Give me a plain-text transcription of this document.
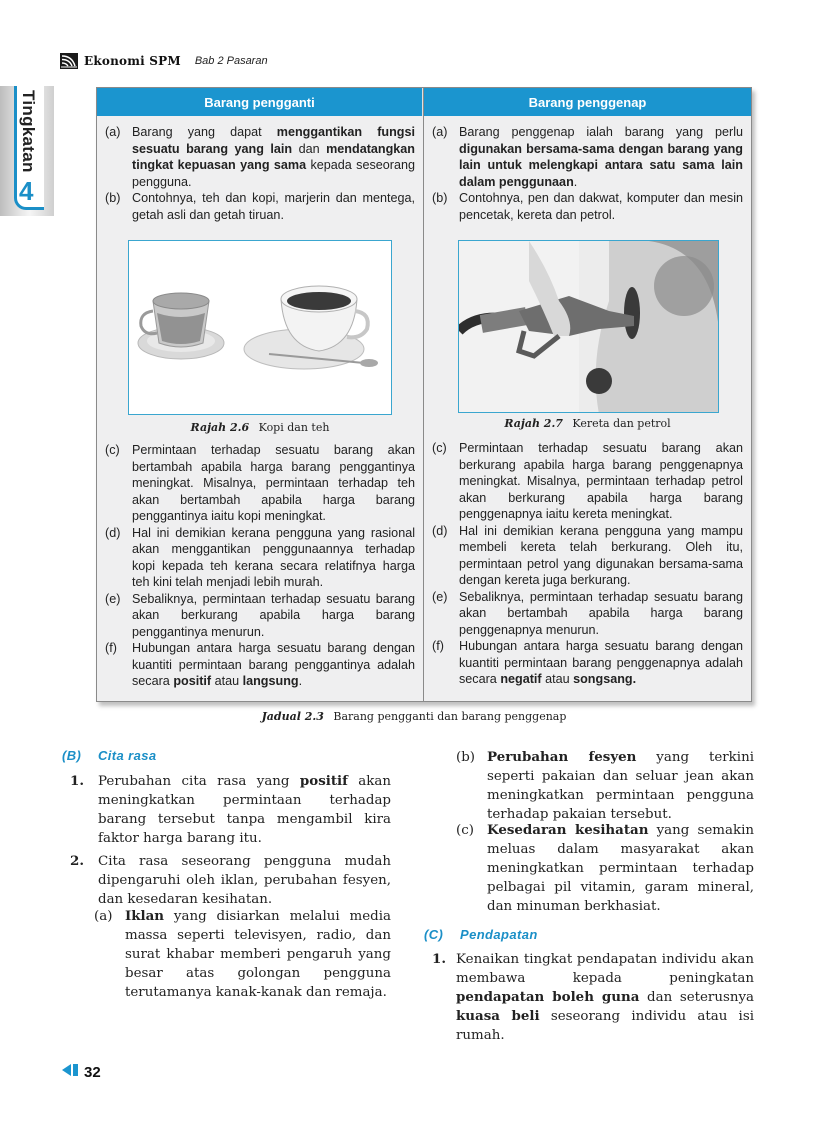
Ekonomi SPM Bab 2 Pasaran
Tingkatan
4
Barang pengganti
(a) Barang yang dapat menggantikan fungsi sesuatu barang yang lain dan mendatangkan tingkat kepuasan yang sama kepada seseorang pengguna.
(b) Contohnya, teh dan kopi, marjerin dan mentega, getah asli dan getah tiruan.
Rajah 2.6 Kopi dan teh
(c) Permintaan terhadap sesuatu barang akan bertambah apabila harga barang penggantinya meningkat. Misalnya, permintaan terhadap teh akan bertambah apabila harga barang penggantinya iaitu kopi meningkat.
(d) Hal ini demikian kerana pengguna yang rasional akan menggantikan penggunaannya terhadap kopi kepada teh kerana secara relatifnya harga teh kini telah menjadi lebih murah.
(e) Sebaliknya, permintaan terhadap sesuatu barang akan berkurang apabila harga barang penggantinya menurun.
(f)	Hubungan antara harga sesuatu barang dengan kuantiti permintaan barang penggantinya adalah secara positif atau langsung.
Barang penggenap
(a) Barang penggenap ialah barang yang perlu digunakan bersama-sama dengan barang yang lain untuk melengkapi antara satu sama lain dalam penggunaan.
(b) Contohnya, pen dan dakwat, komputer dan mesin pencetak, kereta dan petrol.
Rajah 2.7 Kereta dan petrol
(c) Permintaan terhadap sesuatu barang akan berkurang apabila harga barang penggenapnya meningkat. Misalnya, permintaan terhadap petrol akan berkurang apabila harga barang penggenapnya iaitu kereta meningkat.
(d) Hal ini demikian kerana pengguna yang mampu membeli kereta telah berkurang. Oleh itu, permintaan petrol yang digunakan bersama-sama dengan kereta juga berkurang.
(e) Sebaliknya, permintaan terhadap sesuatu barang akan bertambah apabila harga barang penggenapnya menurun.
(f)	Hubungan antara harga sesuatu barang dengan kuantiti permintaan barang penggenapnya adalah secara negatif atau songsang.
Jadual 2.3 Barang pengganti dan barang penggenap
(B) Cita rasa
1.	Perubahan cita rasa yang positif akan meningkatkan permintaan terhadap barang tersebut tanpa mengambil kira faktor harga barang itu.
2.	Cita rasa seseorang pengguna mudah dipengaruhi oleh iklan, perubahan fesyen, dan kesedaran kesihatan.
(a) Iklan yang disiarkan melalui media massa seperti televisyen, radio, dan surat khabar memberi pengaruh yang besar atas golongan pengguna terutamanya kanak-kanak dan remaja.
(b) Perubahan fesyen yang terkini seperti pakaian dan seluar jean akan meningkatkan permintaan pengguna terhadap pakaian tersebut.
(c) Kesedaran kesihatan yang semakin meluas dalam masyarakat akan meningkatkan permintaan terhadap pelbagai pil vitamin, garam mineral, dan minuman berkhasiat.
(C) Pendapatan
1. Kenaikan tingkat pendapatan individu akan membawa kepada peningkatan pendapatan boleh guna dan seterusnya kuasa beli seseorang individu atau isi rumah.
32
